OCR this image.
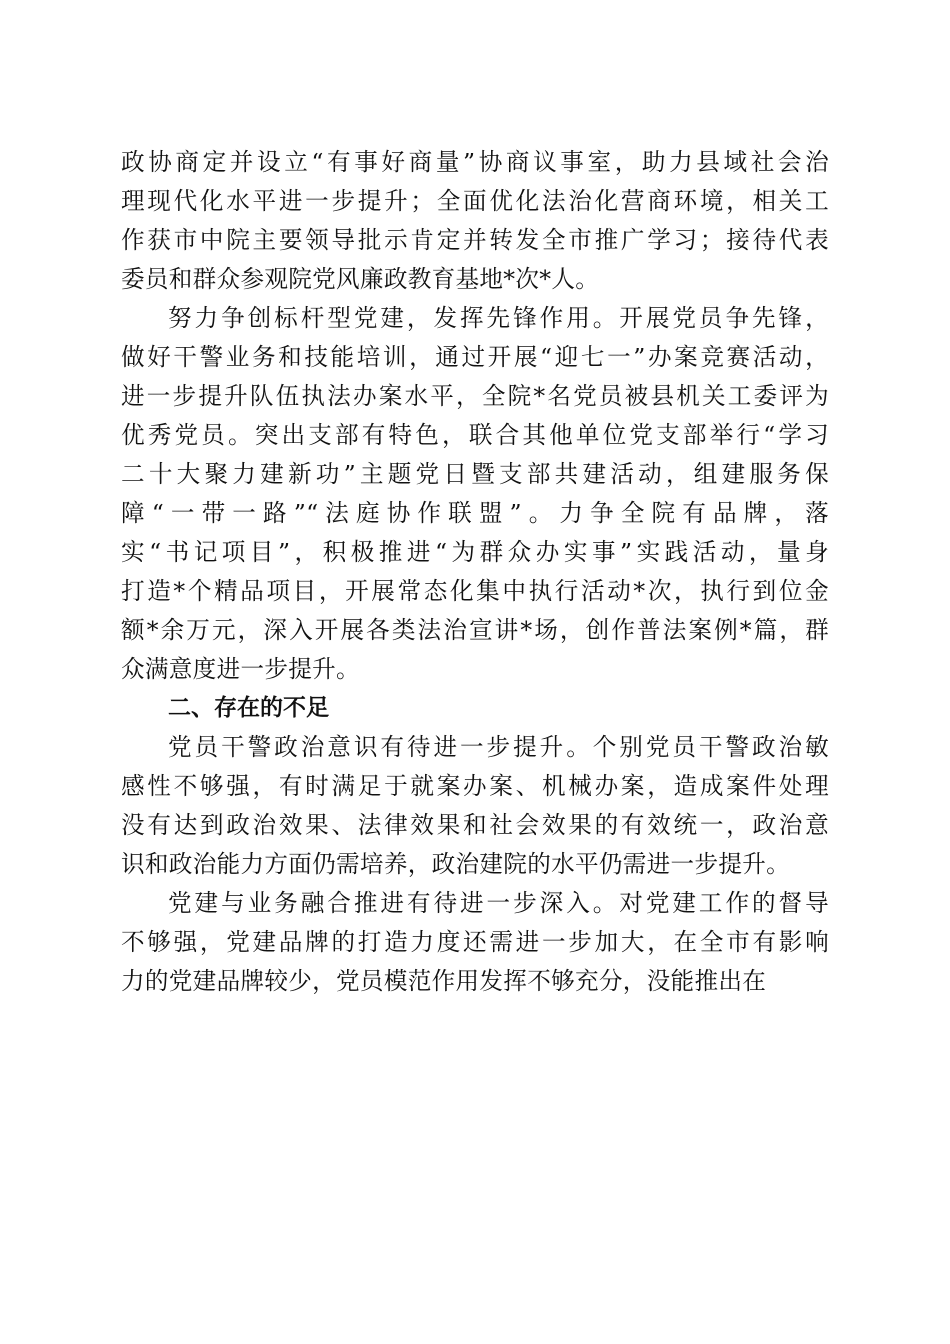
政协商定并设立“有事好商量”协商议事室，助力县域社会治

理现代化水平进一步提升；全面优化法治化营商环境，相关工

作获市中院主要领导批示肯定并转发全市推广学习；接待代表

委员和群众参观院党风廉政教育基地*次*人。

努力争创标杆型党建，发挥先锋作用。开展党员争先锋，

做好干警业务和技能培训，通过开展“迎七一”办案竞赛活动，

进一步提升队伍执法办案水平，全院*名党员被县机关工委评为

优秀党员。突出支部有特色，联合其他单位党支部举行“学习

二十大聚力建新功”主题党日暨支部共建活动，组建服务保

障“一带一路”“法庭协作联盟”。力争全院有品牌，落

实“书记项目”，积极推进“为群众办实事”实践活动，量身

打造*个精品项目，开展常态化集中执行活动*次，执行到位金

额*余万元，深入开展各类法治宣讲*场，创作普法案例*篇，群

众满意度进一步提升。

二、存在的不足

党员干警政治意识有待进一步提升。个别党员干警政治敏

感性不够强，有时满足于就案办案、机械办案，造成案件处理

没有达到政治效果、法律效果和社会效果的有效统一，政治意

识和政治能力方面仍需培养，政治建院的水平仍需进一步提升。

党建与业务融合推进有待进一步深入。对党建工作的督导

不够强，党建品牌的打造力度还需进一步加大，在全市有影响

力的党建品牌较少，党员模范作用发挥不够充分，没能推出在
